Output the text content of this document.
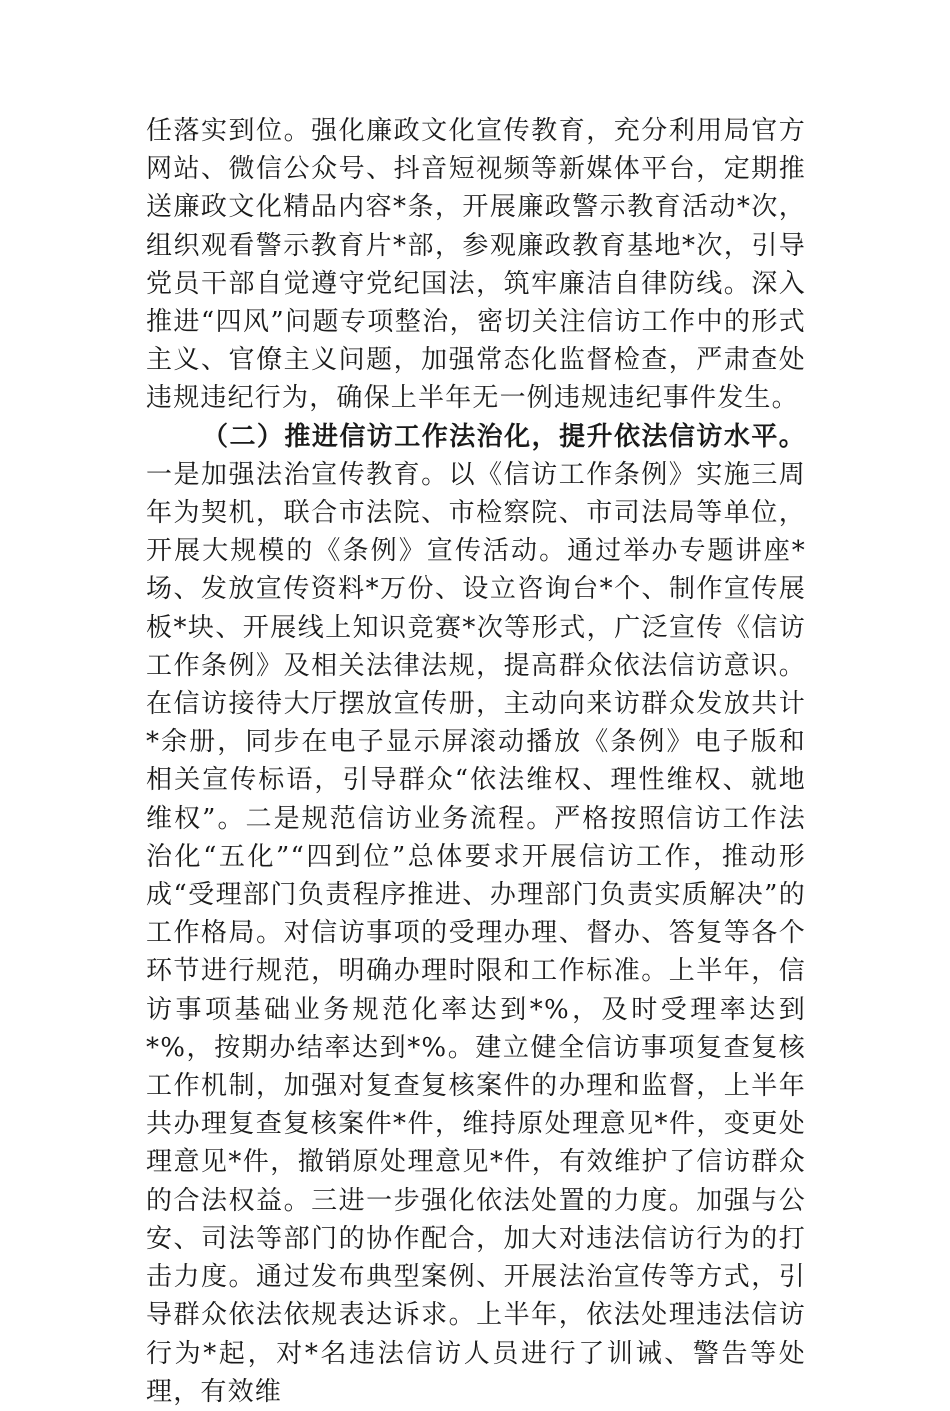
任落实到位。强化廉政文化宣传教育，充分利用局官方网站、微信公众号、抖音短视频等新媒体平台，定期推送廉政文化精品内容*条，开展廉政警示教育活动*次，组织观看警示教育片*部，参观廉政教育基地*次，引导党员干部自觉遵守党纪国法，筑牢廉洁自律防线。深入推进“四风”问题专项整治，密切关注信访工作中的形式主义、官僚主义问题，加强常态化监督检查，严肃查处违规违纪行为，确保上半年无一例违规违纪事件发生。

（二）推进信访工作法治化，提升依法信访水平。一是加强法治宣传教育。以《信访工作条例》实施三周年为契机，联合市法院、市检察院、市司法局等单位，开展大规模的《条例》宣传活动。通过举办专题讲座*场、发放宣传资料*万份、设立咨询台*个、制作宣传展板*块、开展线上知识竞赛*次等形式，广泛宣传《信访工作条例》及相关法律法规，提高群众依法信访意识。在信访接待大厅摆放宣传册，主动向来访群众发放共计*余册，同步在电子显示屏滚动播放《条例》电子版和相关宣传标语，引导群众“依法维权、理性维权、就地维权”。二是规范信访业务流程。严格按照信访工作法治化“五化”“四到位”总体要求开展信访工作，推动形成“受理部门负责程序推进、办理部门负责实质解决”的工作格局。对信访事项的受理办理、督办、答复等各个环节进行规范，明确办理时限和工作标准。上半年，信访事项基础业务规范化率达到*%，及时受理率达到*%，按期办结率达到*%。建立健全信访事项复查复核工作机制，加强对复查复核案件的办理和监督，上半年共办理复查复核案件*件，维持原处理意见*件，变更处理意见*件，撤销原处理意见*件，有效维护了信访群众的合法权益。三进一步强化依法处置的力度。加强与公安、司法等部门的协作配合，加大对违法信访行为的打击力度。通过发布典型案例、开展法治宣传等方式，引导群众依法依规表达诉求。上半年，依法处理违法信访行为*起，对*名违法信访人员进行了训诫、警告等处理，有效维
